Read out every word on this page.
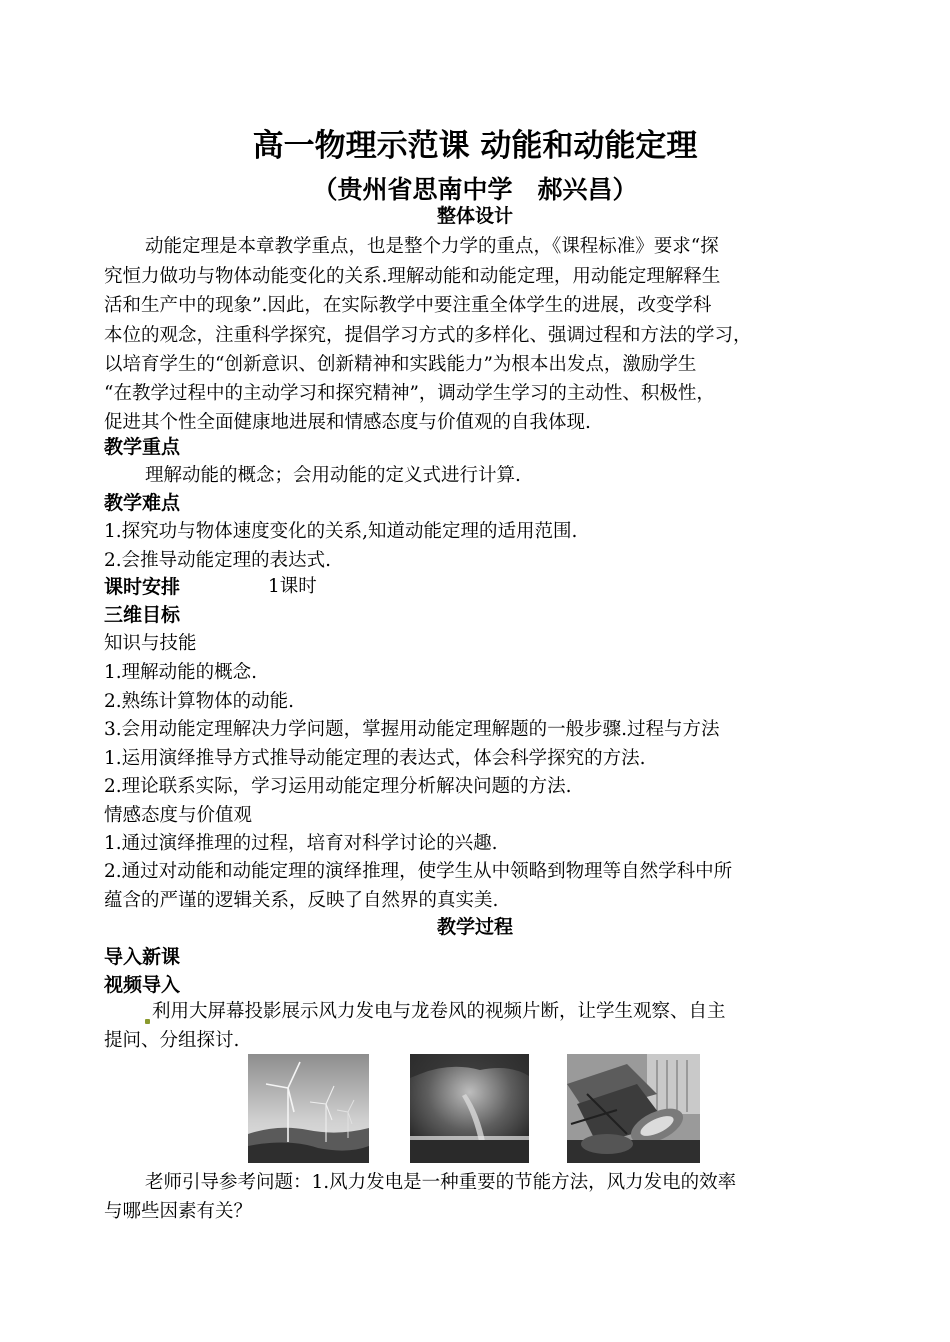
高一物理示范课 动能和动能定理
（贵州省思南中学　郝兴昌）
整体设计
动能定理是本章教学重点，也是整个力学的重点，《课程标准》要求“探
究恒力做功与物体动能变化的关系.理解动能和动能定理，用动能定理解释生
活和生产中的现象”.因此，在实际教学中要注重全体学生的进展，改变学科
本位的观念，注重科学探究，提倡学习方式的多样化、强调过程和方法的学习，
以培育学生的“创新意识、创新精神和实践能力”为根本出发点，激励学生
“在教学过程中的主动学习和探究精神”，调动学生学习的主动性、积极性，
促进其个性全面健康地进展和情感态度与价值观的自我体现.
教学重点
理解动能的概念；会用动能的定义式进行计算.
教学难点
1.探究功与物体速度变化的关系,知道动能定理的适用范围.
2.会推导动能定理的表达式.
课时安排	1课时
三维目标
知识与技能
1.理解动能的概念.
2.熟练计算物体的动能.
3.会用动能定理解决力学问题，掌握用动能定理解题的一般步骤.过程与方法
1.运用演绎推导方式推导动能定理的表达式，体会科学探究的方法.
2.理论联系实际，学习运用动能定理分析解决问题的方法.
情感态度与价值观
1.通过演绎推理的过程，培育对科学讨论的兴趣.
2.通过对动能和动能定理的演绎推理，使学生从中领略到物理等自然学科中所
蕴含的严谨的逻辑关系，反映了自然界的真实美.
教学过程
导入新课
视频导入
利用大屏幕投影展示风力发电与龙卷风的视频片断，让学生观察、自主
提问、分组探讨.
老师引导参考问题：1.风力发电是一种重要的节能方法，风力发电的效率
与哪些因素有关？
